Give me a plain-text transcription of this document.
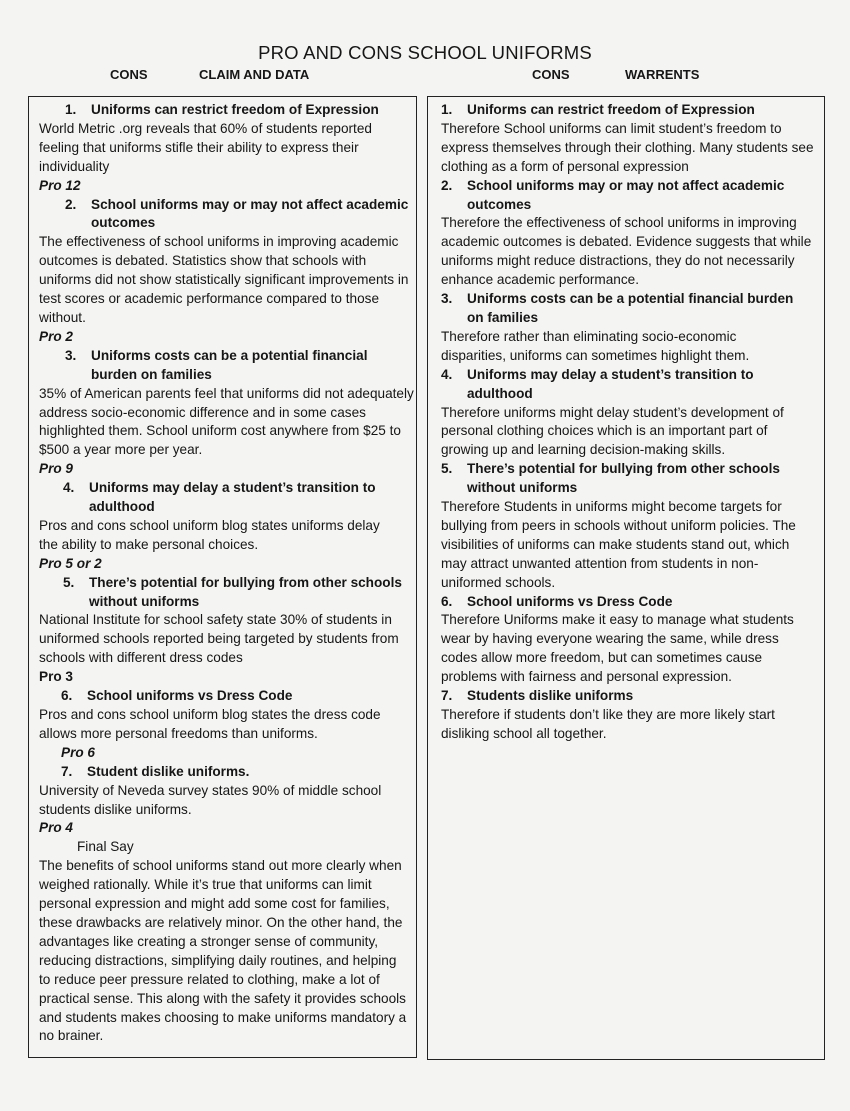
PRO AND CONS SCHOOL UNIFORMS
CONS	CLAIM AND DATA	CONS	WARRENTS
1.	Uniforms can restrict freedom of Expression

World Metric .org reveals that 60% of students reported feeling that uniforms stifle their ability to express their individuality

Pro 12
2.	School uniforms may or may not affect academic outcomes

The effectiveness of school uniforms in improving academic outcomes is debated. Statistics show that schools with uniforms did not show statistically significant improvements in test scores or academic performance compared to those without.

Pro 2
3.	Uniforms costs can be a potential financial burden on families

35% of American parents feel that uniforms did not adequately address socio-economic difference and in some cases highlighted them. School uniform cost anywhere from $25 to $500 a year more per year.

Pro 9
4.	Uniforms may delay a student’s transition to adulthood

Pros and cons school uniform blog states uniforms delay the ability to make personal choices.

Pro 5 or 2
5.	There’s potential for bullying from other schools without uniforms

National Institute for school safety state 30% of students in uniformed schools reported being targeted by students from schools with different dress codes

Pro 3
6.	School uniforms vs Dress Code

Pros and cons school uniform blog states the dress code allows more personal freedoms than uniforms.

Pro 6
7.	Student dislike uniforms.

University of Neveda survey states 90% of middle school students dislike uniforms.

Pro 4
Final Say

The benefits of school uniforms stand out more clearly when weighed rationally. While it’s true that uniforms can limit personal expression and might add some cost for families, these drawbacks are relatively minor. On the other hand, the advantages like creating a stronger sense of community, reducing distractions, simplifying daily routines, and helping to reduce peer pressure related to clothing, make a lot of practical sense. This along with the safety it provides schools and students makes choosing to make uniforms mandatory a no brainer.

1.	Uniforms can restrict freedom of Expression

Therefore School uniforms can limit student’s freedom to express themselves through their clothing. Many students see clothing as a form of personal expression

2.	School uniforms may or may not affect academic outcomes

Therefore the effectiveness of school uniforms in improving academic outcomes is debated. Evidence suggests that while uniforms might reduce distractions, they do not necessarily enhance academic performance.

3.	Uniforms costs can be a potential financial burden on families

Therefore rather than eliminating socio-economic disparities, uniforms can sometimes highlight them.

4.	Uniforms may delay a student’s transition to adulthood

Therefore uniforms might delay student’s development of personal clothing choices which is an important part of growing up and learning decision-making skills.

5.	There’s potential for bullying from other schools without uniforms

Therefore Students in uniforms might become targets for bullying from peers in schools without uniform policies. The visibilities of uniforms can make students stand out, which may attract unwanted attention from students in non-uniformed schools.

6.	School uniforms vs Dress Code

Therefore Uniforms make it easy to manage what students wear by having everyone wearing the same, while dress codes allow more freedom, but can sometimes cause problems with fairness and personal expression.

7.	Students dislike uniforms

Therefore if students don’t like they are more likely start disliking school all together.
